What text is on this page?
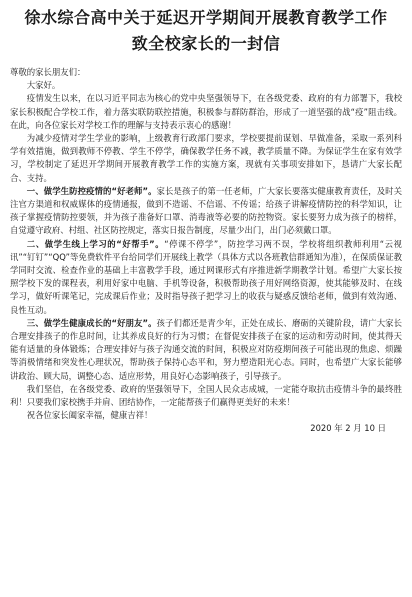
徐水综合高中关于延迟开学期间开展教育教学工作
致全校家长的一封信

尊敬的家长朋友们：

大家好。

疫情发生以来，在以习近平同志为核心的党中央坚强领导下，在各级党委、政府的有力部署下，我校家长积极配合学校工作，着力落实联防联控措施，积极参与群防群治，形成了一道坚强的战“疫”阻击线。在此，向各位家长对学校工作的理解与支持表示衷心的感谢！

为减少疫情对学生学业的影响，上级教育行政部门要求，学校要提前谋划、早做准备，采取一系列科学有效措施，做到教师不停教、学生不停学，确保教学任务不减，教学质量不降。为保证学生在家有效学习，学校制定了延迟开学期间开展教育教学工作的实施方案，现就有关事项安排如下，恳请广大家长配合、支持。

一、做学生防控疫情的“好老师”。家长是孩子的第一任老师，广大家长要落实健康教育责任，及时关注官方渠道和权威媒体的疫情通报，做到不造谣、不信谣、不传谣；给孩子讲解疫情防控的科学知识，让孩子掌握疫情防控要领，并为孩子准备好口罩、消毒液等必要的防控物资。家长要努力成为孩子的榜样，自觉遵守政府、村组、社区防控规定，落实日报告制度，尽量少出门，出门必须戴口罩。

二、做学生线上学习的“好帮手”。“停课不停学”，防控学习两不误，学校将组织教师利用“云视讯”“钉钉”“QQ”等免费软件平台给同学们开展线上教学（具体方式以各班教信群通知为准），在保质保证教学同时交流、检查作业的基础上丰富教学手段，通过网课形式有序推进新学期教学计划。希望广大家长按照学校下发的课程表，利用好家中电脑、手机等设备，积极帮助孩子用好网络资源，使其能够及时、在线学习，做好听课笔记，完成课后作业；及时指导孩子把学习上的收获与疑惑反馈给老师，做到有效沟通、良性互动。

三、做学生健康成长的“好朋友”。孩子们都还是青少年，正处在成长、磨砺的关键阶段，请广大家长合理安排孩子的作息时间，让其养成良好的行为习惯；在督促安排孩子在家的运动和劳动时间，使其得天能有适量的身体锻炼；合理安排好与孩子沟通交流的时间，积极应对防疫期间孩子可能出现的焦虑、烦躁等消极情绪和突发性心理状况，帮助孩子保持心态平和，努力塑造阳光心态。同时，也希望广大家长能够讲政治、顾大局，调整心态、适应形势，用良好心态影响孩子，引导孩子。

我们坚信，在各级党委、政府的坚强领导下，全国人民众志成城，一定能夺取抗击疫情斗争的最终胜利！只要我们家校携手并肩、团结协作，一定能帮孩子们赢得更美好的未来！

祝各位家长阖家幸福，健康吉祥！

2020 年 2 月 10 日
